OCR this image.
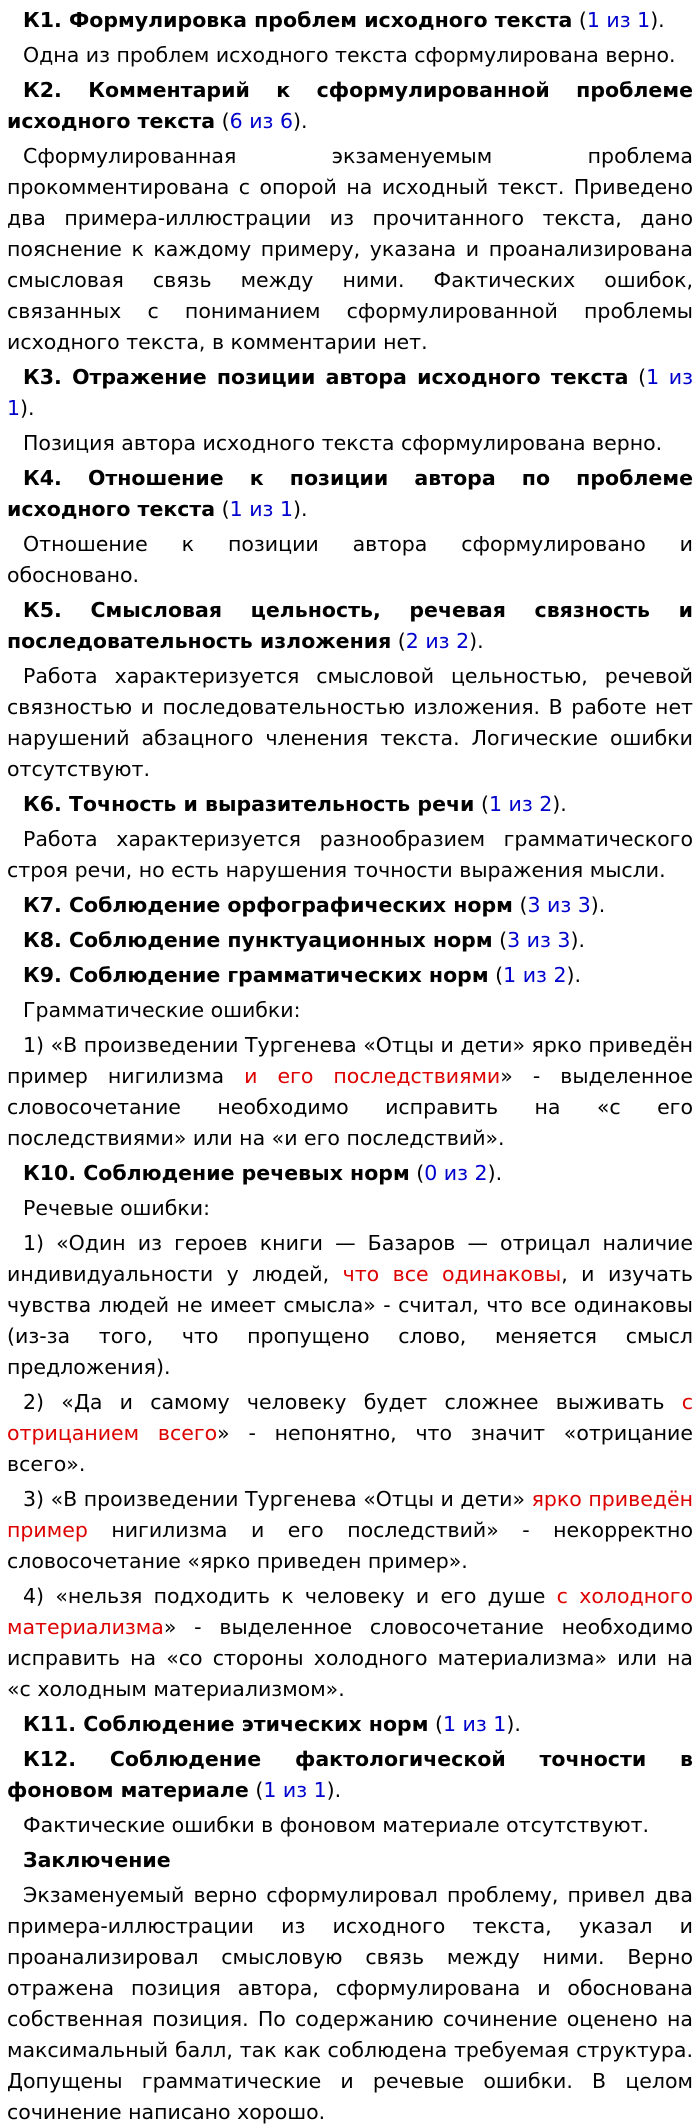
К1. Формулировка проблем исходного текста (1 из 1).

Одна из проблем исходного текста сформулирована верно.

К2. Комментарий к сформулированной проблеме исходного текста (6 из 6).

Сформулированная экзаменуемым проблема прокомментирована с опорой на исходный текст. Приведено два примера-иллюстрации из прочитанного текста, дано пояснение к каждому примеру, указана и проанализирована смысловая связь между ними. Фактических ошибок, связанных с пониманием сформулированной проблемы исходного текста, в комментарии нет.

К3. Отражение позиции автора исходного текста (1 из 1).

Позиция автора исходного текста сформулирована верно.

К4. Отношение к позиции автора по проблеме исходного текста (1 из 1).

Отношение к позиции автора сформулировано и обосновано.

К5. Смысловая цельность, речевая связность и последовательность изложения (2 из 2).

Работа характеризуется смысловой цельностью, речевой связностью и последовательностью изложения. В работе нет нарушений абзацного членения текста. Логические ошибки отсутствуют.

К6. Точность и выразительность речи (1 из 2).

Работа характеризуется разнообразием грамматического строя речи, но есть нарушения точности выражения мысли.

К7. Соблюдение орфографических норм (3 из 3).

К8. Соблюдение пунктуационных норм (3 из 3).

К9. Соблюдение грамматических норм (1 из 2).

Грамматические ошибки:

1) «В произведении Тургенева «Отцы и дети» ярко приведён пример нигилизма и его последствиями» - выделенное словосочетание необходимо исправить на «с его последствиями» или на «и его последствий».

К10. Соблюдение речевых норм (0 из 2).

Речевые ошибки:

1) «Один из героев книги — Базаров — отрицал наличие индивидуальности у людей, что все одинаковы, и изучать чувства людей не имеет смысла» - считал, что все одинаковы (из-за того, что пропущено слово, меняется смысл предложения).

2) «Да и самому человеку будет сложнее выживать с отрицанием всего» - непонятно, что значит «отрицание всего».

3) «В произведении Тургенева «Отцы и дети» ярко приведён пример нигилизма и его последствий» - некорректно словосочетание «ярко приведен пример».

4) «нельзя подходить к человеку и его душе с холодного материализма» - выделенное словосочетание необходимо исправить на «со стороны холодного материализма» или на «с холодным материализмом».

К11. Соблюдение этических норм (1 из 1).

К12. Соблюдение фактологической точности в фоновом материале (1 из 1).

Фактические ошибки в фоновом материале отсутствуют.

Заключение

Экзаменуемый верно сформулировал проблему, привел два примера-иллюстрации из исходного текста, указал и проанализировал смысловую связь между ними. Верно отражена позиция автора, сформулирована и обоснована собственная позиция. По содержанию сочинение оценено на максимальный балл, так как соблюдена требуемая структура. Допущены грамматические и речевые ошибки. В целом сочинение написано хорошо.
